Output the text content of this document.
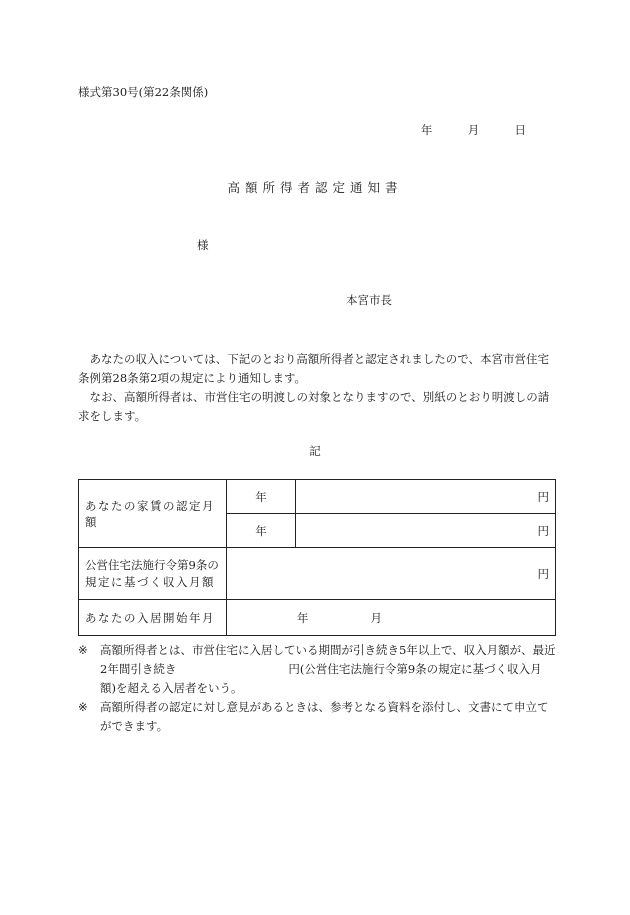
様式第30号(第22条関係)
年	月	日
高額所得者認定通知書
様
本宮市長

あなたの収入については、下記のとおり高額所得者と認定されましたので、本宮市営住宅条例第28条第2項の規定により通知します。

なお、高額所得者は、市営住宅の明渡しの対象となりますので、別紙のとおり明渡しの請求をします。

記
あなたの家賃の認定月額	年	円
	年	円
公営住宅法施行令第9条の
規定に基づく収入月額	円	
あなたの入居開始年月	年 月	
※ 高額所得者とは、市営住宅に入居している期間が引き続き5年以上で、収入月額が、最近2年間引き続き	円(公営住宅法施行令第9条の規定に基づく収入月額)を超える入居者をいう。
※ 高額所得者の認定に対し意見があるときは、参考となる資料を添付し、文書にて申立てができます。
